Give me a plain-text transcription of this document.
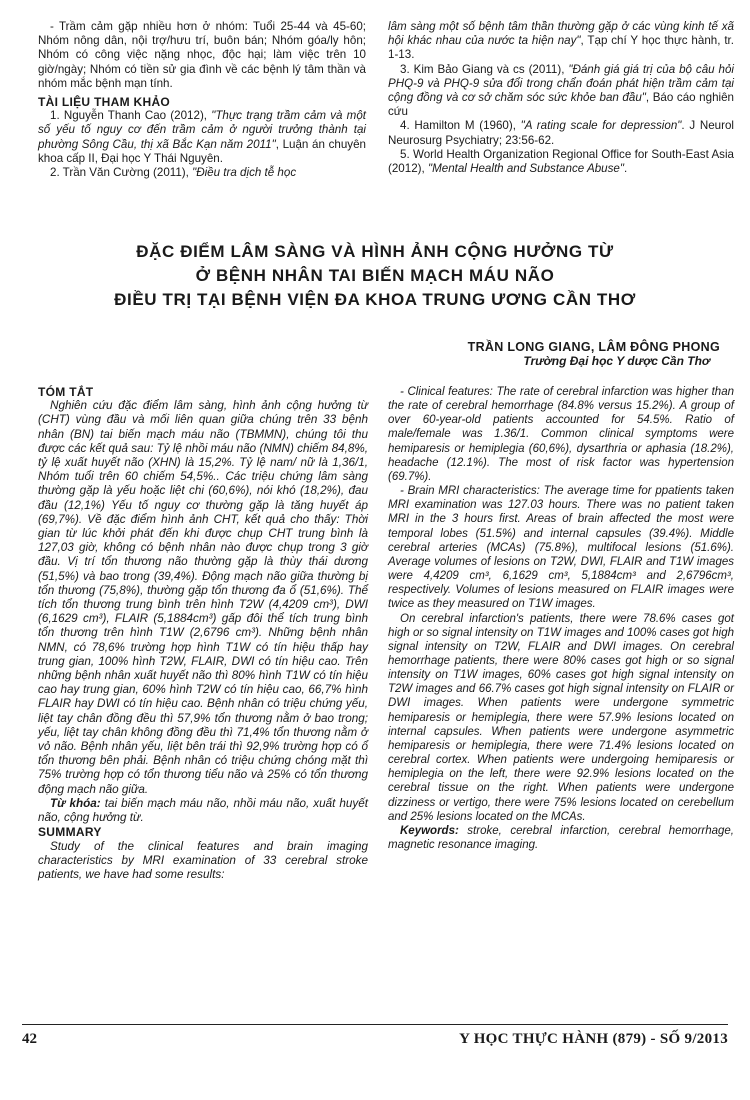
- Trầm cảm gặp nhiều hơn ở nhóm: Tuổi 25-44 và 45-60; Nhóm nông dân, nội trợ/hưu trí, buôn bán; Nhóm góa/ly hôn; Nhóm có công việc nặng nhọc, độc hại; làm việc trên 10 giờ/ngày; Nhóm có tiền sử gia đình về các bệnh lý tâm thần và nhóm mắc bệnh mạn tính.

TÀI LIỆU THAM KHẢO

1. Nguyễn Thanh Cao (2012), "Thực trạng trầm cảm và một số yếu tố nguy cơ đến trầm cảm ở người trưởng thành tại phường Sông Cầu, thị xã Bắc Kạn năm 2011", Luận án chuyên khoa cấp II, Đại học Y Thái Nguyên.

2. Trần Văn Cường (2011), "Điều tra dịch tễ học

lâm sàng một số bệnh tâm thần thường gặp ở các vùng kinh tế xã hội khác nhau của nước ta hiện nay", Tạp chí Y học thực hành, tr. 1-13.

3. Kim Bảo Giang và cs (2011), "Đánh giá giá trị của bộ câu hỏi PHQ-9 và PHQ-9 sửa đổi trong chẩn đoán phát hiện trầm cảm tại cộng đồng và cơ sở chăm sóc sức khỏe ban đầu", Báo cáo nghiên cứu

4. Hamilton M (1960), "A rating scale for depression". J Neurol Neurosurg Psychiatry; 23:56-62.

5. World Health Organization Regional Office for South-East Asia (2012), "Mental Health and Substance Abuse".

ĐẶC ĐIỂM LÂM SÀNG VÀ HÌNH ẢNH CỘNG HƯỞNG TỪ
Ở BỆNH NHÂN TAI BIẾN MẠCH MÁU NÃO
ĐIỀU TRỊ TẠI BỆNH VIỆN ĐA KHOA TRUNG ƯƠNG CẦN THƠ
TRẦN LONG GIANG, LÂM ĐÔNG PHONG
Trường Đại học Y dược Cần Thơ

TÓM TẮT

Nghiên cứu đặc điểm lâm sàng, hình ảnh cộng hưởng từ (CHT) vùng đầu và mối liên quan giữa chúng trên 33 bệnh nhân (BN) tai biến mạch máu não (TBMMN), chúng tôi thu được các kết quả sau: Tỷ lệ nhồi máu não (NMN) chiếm 84,8%, tỷ lệ xuất huyết não (XHN) là 15,2%. Tỷ lệ nam/ nữ là 1,36/1, Nhóm tuổi trên 60 chiếm 54,5%.. Các triệu chứng lâm sàng thường gặp là yếu hoặc liệt chi (60,6%), nói khó (18,2%), đau đầu (12,1%) Yếu tố nguy cơ thường gặp là tăng huyết áp (69,7%). Về đặc điểm hình ảnh CHT, kết quả cho thấy: Thời gian từ lúc khởi phát đến khi được chụp CHT trung bình là 127,03 giờ, không có bệnh nhân nào được chụp trong 3 giờ đầu. Vị trí tổn thương não thường gặp là thùy thái dương (51,5%) và bao trong (39,4%). Động mạch não giữa thường bị tổn thương (75,8%), thường gặp tổn thương đa ổ (51,6%). Thể tích tổn thương trung bình trên hình T2W (4,4209 cm³), DWI (6,1629 cm³), FLAIR (5,1884cm³) gấp đôi thể tích trung bình tổn thương trên hình T1W (2,6796 cm³). Những bệnh nhân NMN, có 78,6% trường hợp hình T1W có tín hiệu thấp hay trung gian, 100% hình T2W, FLAIR, DWI có tín hiệu cao. Trên những bệnh nhân xuất huyết não thì 80% hình T1W có tín hiệu cao hay trung gian, 60% hình T2W có tín hiệu cao, 66,7% hình FLAIR hay DWI có tín hiệu cao. Bệnh nhân có triệu chứng yếu, liệt tay chân đồng đều thì 57,9% tổn thương nằm ở bao trong; yếu, liệt tay chân không đồng đều thì 71,4% tổn thương nằm ở vỏ não. Bệnh nhân yếu, liệt bên trái thì 92,9% trường hợp có ổ tổn thương bên phải. Bệnh nhân có triệu chứng chóng mặt thì 75% trường hợp có tổn thương tiểu não và 25% có tổn thương động mạch não giữa.

Từ khóa: tai biến mạch máu não, nhồi máu não, xuất huyết não, cộng hưởng từ.

SUMMARY

Study of the clinical features and brain imaging characteristics by MRI examination of 33 cerebral stroke patients, we have had some results:

- Clinical features: The rate of cerebral infarction was higher than the rate of cerebral hemorrhage (84.8% versus 15.2%). A group of over 60-year-old patients accounted for 54.5%. Ratio of male/female was 1.36/1. Common clinical symptoms were hemiparesis or hemiplegia (60,6%), dysarthria or aphasia (18.2%), headache (12.1%). The most of risk factor was hypertension (69.7%).

- Brain MRI characteristics: The average time for ppatients taken MRI examination was 127.03 hours. There was no patient taken MRI in the 3 hours first. Areas of brain affected the most were temporal lobes (51.5%) and internal capsules (39.4%). Middle cerebral arteries (MCAs) (75.8%), multifocal lesions (51.6%). Average volumes of lesions on T2W, DWI, FLAIR and T1W images were 4,4209 cm³, 6,1629 cm³, 5,1884cm³ and 2,6796cm³, respectively. Volumes of lesions measured on FLAIR images were twice as they measured on T1W images.

On cerebral infarction's patients, there were 78.6% cases got high or so signal intensity on T1W images and 100% cases got high signal intensity on T2W, FLAIR and DWI images. On cerebral hemorrhage patients, there were 80% cases got high or so signal intensity on T1W images, 60% cases got high signal intensity on T2W images and 66.7% cases got high signal intensity on FLAIR or DWI images. When patients were undergone symmetric hemiparesis or hemiplegia, there were 57.9% lesions located on internal capsules. When patients were undergone asymmetric hemiparesis or hemiplegia, there were 71.4% lesions located on cerebral cortex. When patients were undergoing hemiparesis or hemiplegia on the left, there were 92.9% lesions located on the cerebral tissue on the right. When patients were undergone dizziness or vertigo, there were 75% lesions located on cerebellum and 25% lesions located on the MCAs.

Keywords: stroke, cerebral infarction, cerebral hemorrhage, magnetic resonance imaging.

42	Y HỌC THỰC HÀNH (879) - SỐ 9/2013
